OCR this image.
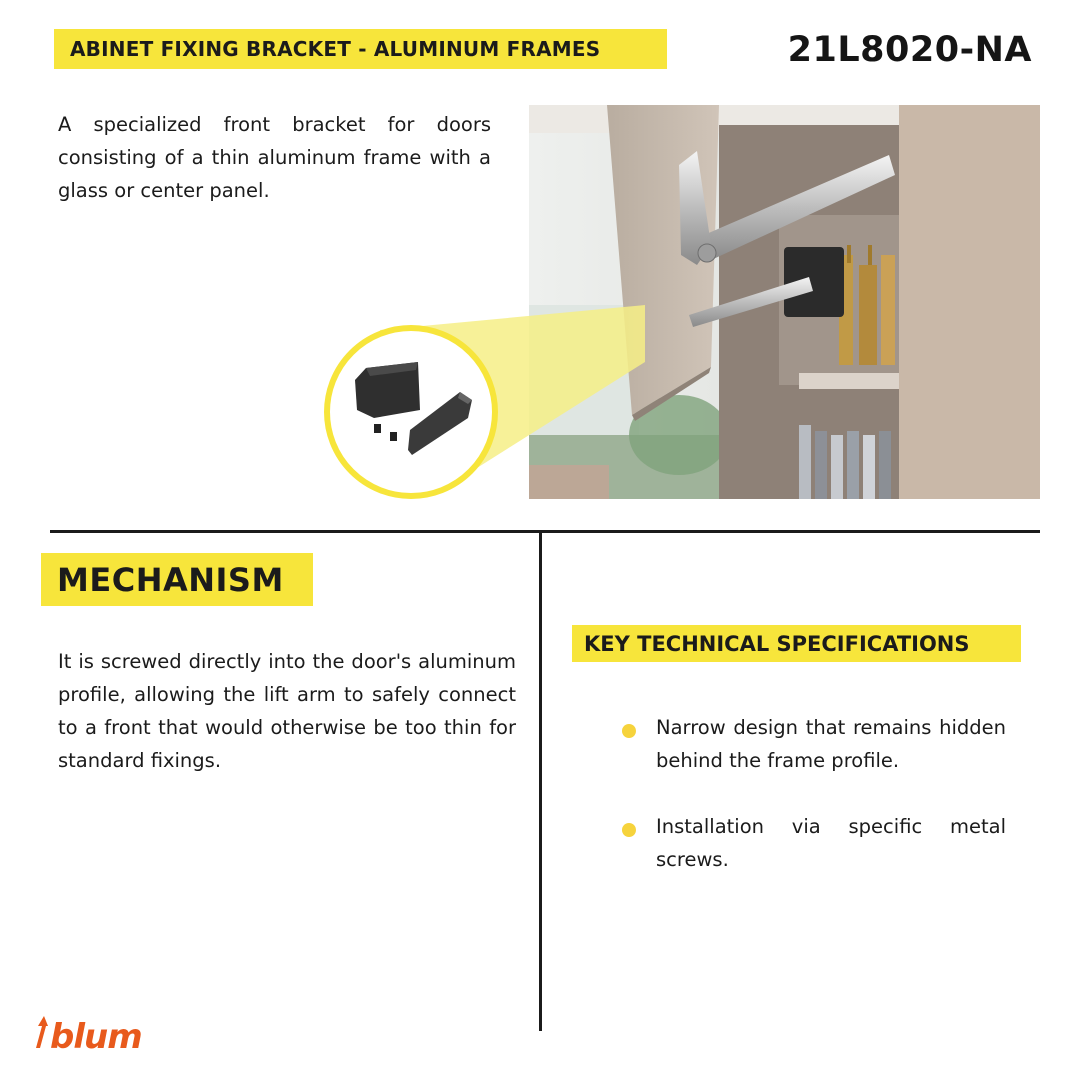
ABINET FIXING BRACKET - ALUMINUM FRAMES	21L8020-NA
A specialized front bracket for doors consisting of a thin aluminum frame with a glass or center panel.
MECHANISM
It is screwed directly into the door's aluminum profile, allowing the lift arm to safely connect to a front that would otherwise be too thin for standard fixings.
KEY TECHNICAL SPECIFICATIONS
Narrow design that remains hidden behind the frame profile.
Installation via specific metal screws.
blum
